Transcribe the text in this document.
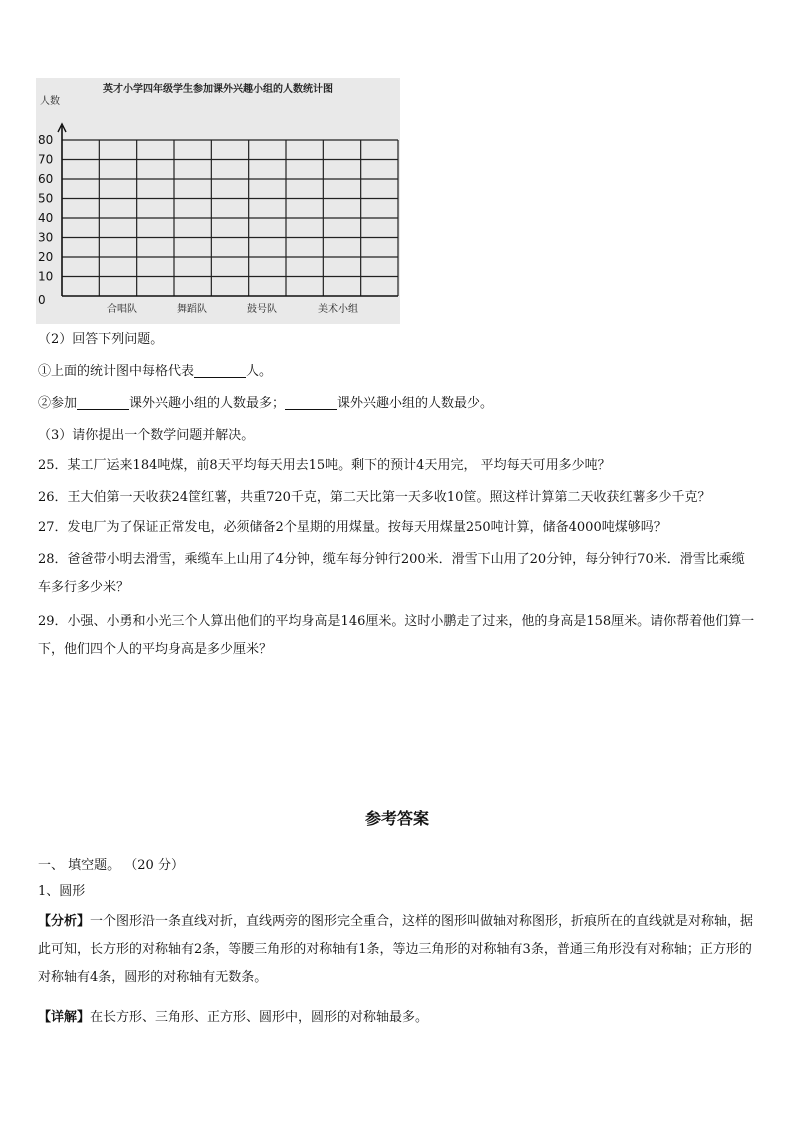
英才小学四年级学生参加课外兴趣小组的人数统计图
人数
0
10
20
30
40
50
60
70
80
合唱队	舞蹈队	鼓号队	美术小组
（2）回答下列问题。
①上面的统计图中每格代表	人。
②参加	课外兴趣小组的人数最多；	课外兴趣小组的人数最少。
（3）请你提出一个数学问题并解决。
25．某工厂运来184吨煤，前8天平均每天用去15吨。剩下的预计4天用完， 平均每天可用多少吨？
26．王大伯第一天收获24筐红薯，共重720千克，第二天比第一天多收10筐。照这样计算第二天收获红薯多少千克？
27．发电厂为了保证正常发电，必须储备2个星期的用煤量。按每天用煤量250吨计算，储备4000吨煤够吗？
28．爸爸带小明去滑雪，乘缆车上山用了4分钟，缆车每分钟行200米．滑雪下山用了20分钟，每分钟行70米．滑雪比乘缆车多行多少米？
29．小强、小勇和小光三个人算出他们的平均身高是146厘米。这时小鹏走了过来，他的身高是158厘米。请你帮着他们算一下，他们四个人的平均身高是多少厘米？
参考答案
一、 填空题。 （20 分）
1、圆形
【分析】一个图形沿一条直线对折，直线两旁的图形完全重合，这样的图形叫做轴对称图形，折痕所在的直线就是对称轴，据此可知，长方形的对称轴有2条，等腰三角形的对称轴有1条，等边三角形的对称轴有3条，普通三角形没有对称轴；正方形的对称轴有4条，圆形的对称轴有无数条。
【详解】在长方形、三角形、正方形、圆形中，圆形的对称轴最多。
